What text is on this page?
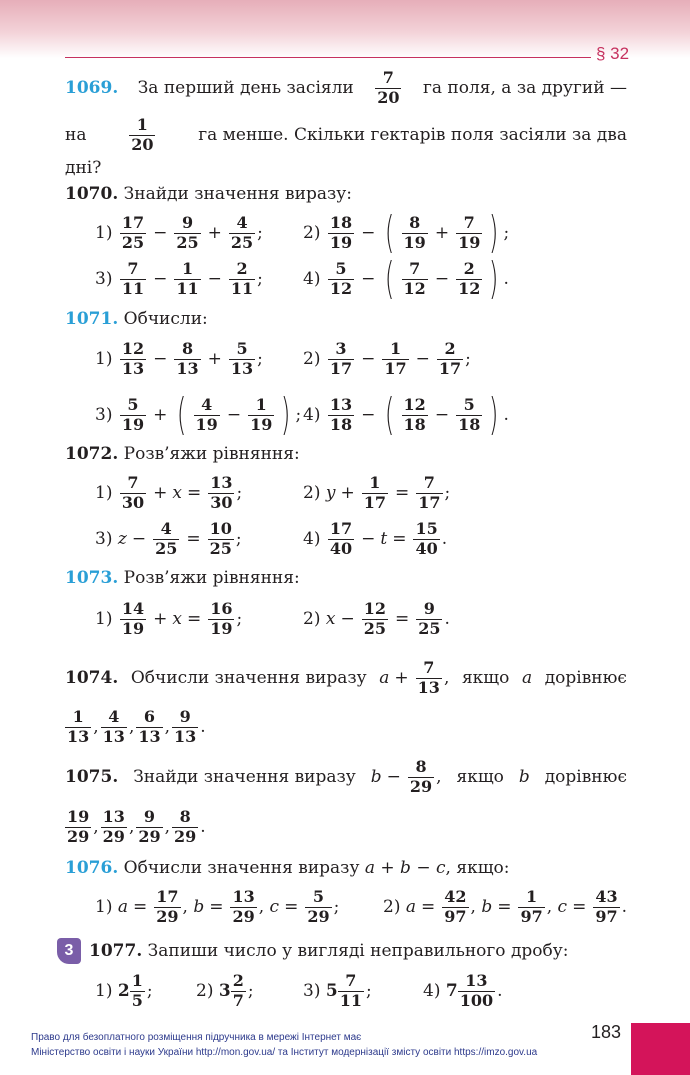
§ 32
1069. За перший день засіяли $\frac{7}{20}$ га поля, а за другий —
на	$\frac{1}{20}$	га менше. Скільки гектарів поля засіяли за два
дні?
1070.
Знайди значення виразу:
1)
$\frac{17}{25} - \frac{9}{25} + \frac{4}{25}$ ; 2)
$\frac{18}{19}$ − ( $\frac{8}{19} + \frac{7}{19}$ ) ;
3)
$\frac{7}{11} - \frac{1}{11} - \frac{2}{11}$ ; 4)
$\frac{5}{12}$ − ( $\frac{7}{12} - \frac{2}{12}$ ) .
1071.
Обчисли:
1)
$\frac{12}{13} - \frac{8}{13} + \frac{5}{13}$ ; 2)
$\frac{3}{17} - \frac{1}{17} - \frac{2}{17}$ ;
3)
$\frac{5}{19}$ + ( $\frac{4}{19} - \frac{1}{19}$ ) ; 4)
$\frac{13}{18}$ − ( $\frac{12}{18} - \frac{5}{18}$ ) .
1072.
Розв’яжи рівняння:
1)
$\frac{7}{30} + x = \frac{13}{30}$ ;	2)
$y + \frac{1}{17} = \frac{7}{17}$ ;
3)
$z - \frac{4}{25} = \frac{10}{25}$ ;	4)
$\frac{17}{40} - t = \frac{15}{40}$ .
1073.
Розв’яжи рівняння:
1)
$\frac{14}{19} + x = \frac{16}{19}$ ;	2)
$x - \frac{12}{25} = \frac{9}{25}$ .
1074. Обчисли значення виразу $a + \frac{7}{13}$ , якщо a дорівнює
$\frac{1}{13}$ , $\frac{4}{13}$ , $\frac{6}{13}$ , $\frac{9}{13}$ .
1075. Знайди значення виразу $b - \frac{8}{29}$ , якщо b дорівнює
$\frac{19}{29}$ , $\frac{13}{29}$ , $\frac{9}{29}$ , $\frac{8}{29}$ .
1076.
Обчисли значення виразу
a + b − c , якщо:
1)
$a = \frac{17}{29}$ , $b = \frac{13}{29}$ , $c = \frac{5}{29}$ ;	2)
$a = \frac{42}{97}$ , $b = \frac{1}{97}$ , $c = \frac{43}{97}$ .
3 1077.
Запиши число у вигляді неправильного дробу:
1)
$2 \frac{1}{5}$ ;	2)
$3 \frac{2}{7}$ ;	3)
$5 \frac{7}{11}$ ;	4)
$7 \frac{13}{100}$ .
Право для безоплатного розміщення підручника в мережі Інтернет має
Міністерство освіти і науки України http://mon.gov.ua/ та Інститут модернізації змісту освіти https://imzo.gov.ua
183
